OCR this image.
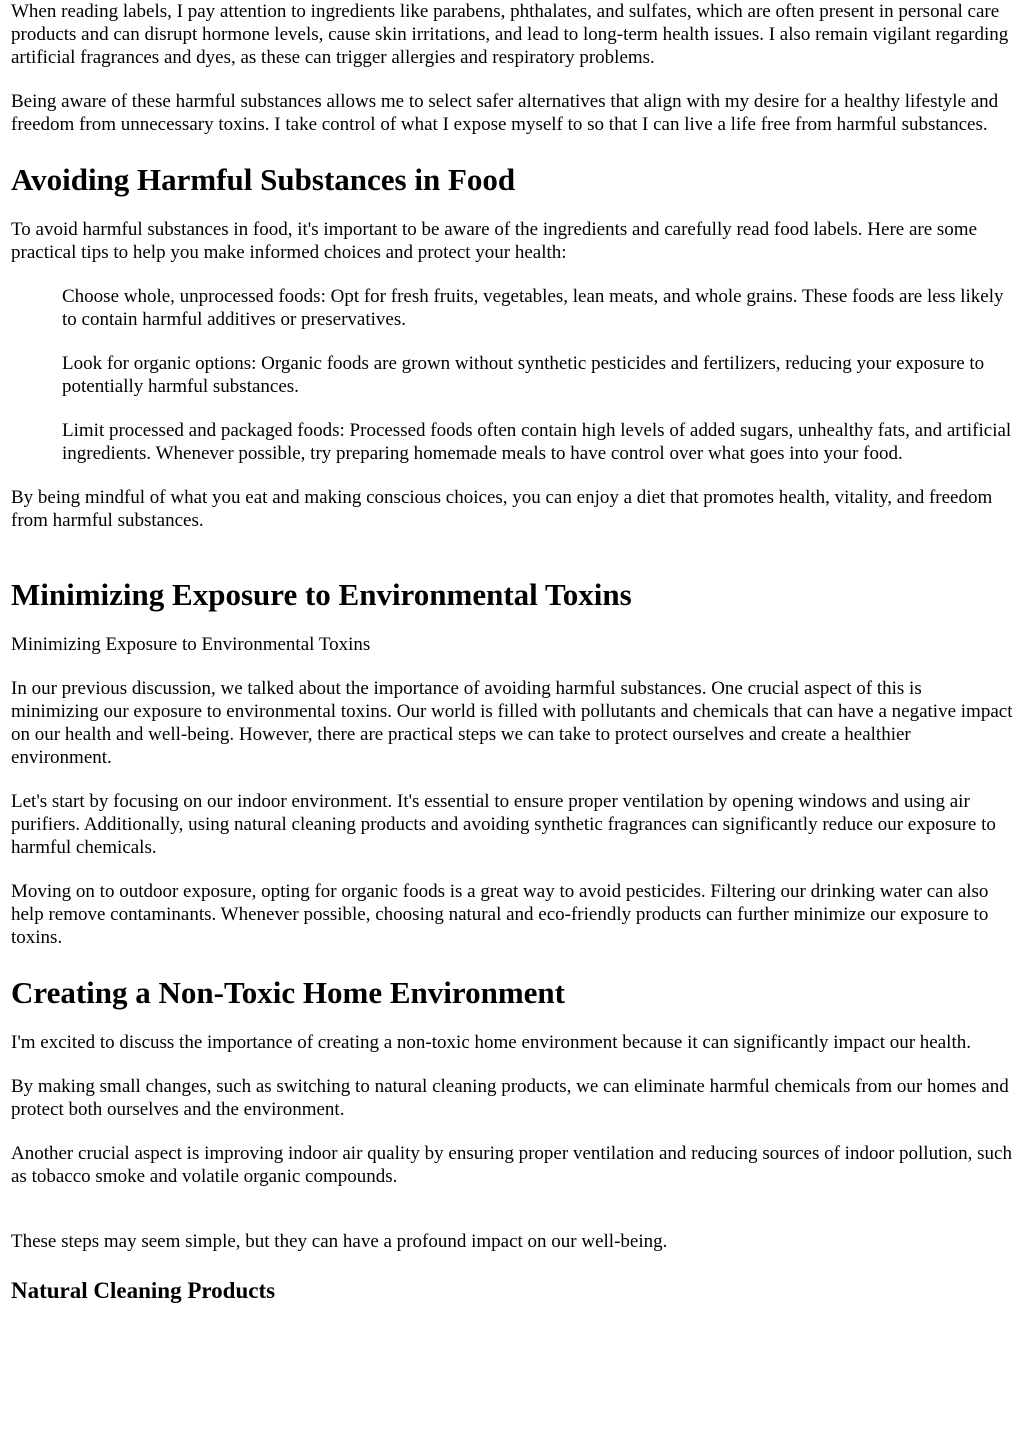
When reading labels, I pay attention to ingredients like parabens, phthalates, and sulfates, which are often present in personal care products and can disrupt hormone levels, cause skin irritations, and lead to long-term health issues. I also remain vigilant regarding artificial fragrances and dyes, as these can trigger allergies and respiratory problems.

Being aware of these harmful substances allows me to select safer alternatives that align with my desire for a healthy lifestyle and freedom from unnecessary toxins. I take control of what I expose myself to so that I can live a life free from harmful substances.

Avoiding Harmful Substances in Food

To avoid harmful substances in food, it's important to be aware of the ingredients and carefully read food labels. Here are some practical tips to help you make informed choices and protect your health:

Choose whole, unprocessed foods: Opt for fresh fruits, vegetables, lean meats, and whole grains. These foods are less likely to contain harmful additives or preservatives.

Look for organic options: Organic foods are grown without synthetic pesticides and fertilizers, reducing your exposure to potentially harmful substances.

Limit processed and packaged foods: Processed foods often contain high levels of added sugars, unhealthy fats, and artificial ingredients. Whenever possible, try preparing homemade meals to have control over what goes into your food.

By being mindful of what you eat and making conscious choices, you can enjoy a diet that promotes health, vitality, and freedom from harmful substances.

Minimizing Exposure to Environmental Toxins

Minimizing Exposure to Environmental Toxins

In our previous discussion, we talked about the importance of avoiding harmful substances. One crucial aspect of this is minimizing our exposure to environmental toxins. Our world is filled with pollutants and chemicals that can have a negative impact on our health and well-being. However, there are practical steps we can take to protect ourselves and create a healthier environment.

Let's start by focusing on our indoor environment. It's essential to ensure proper ventilation by opening windows and using air purifiers. Additionally, using natural cleaning products and avoiding synthetic fragrances can significantly reduce our exposure to harmful chemicals.

Moving on to outdoor exposure, opting for organic foods is a great way to avoid pesticides. Filtering our drinking water can also help remove contaminants. Whenever possible, choosing natural and eco-friendly products can further minimize our exposure to toxins.

Creating a Non-Toxic Home Environment

I'm excited to discuss the importance of creating a non-toxic home environment because it can significantly impact our health.

By making small changes, such as switching to natural cleaning products, we can eliminate harmful chemicals from our homes and protect both ourselves and the environment.

Another crucial aspect is improving indoor air quality by ensuring proper ventilation and reducing sources of indoor pollution, such as tobacco smoke and volatile organic compounds.

These steps may seem simple, but they can have a profound impact on our well-being.

Natural Cleaning Products
